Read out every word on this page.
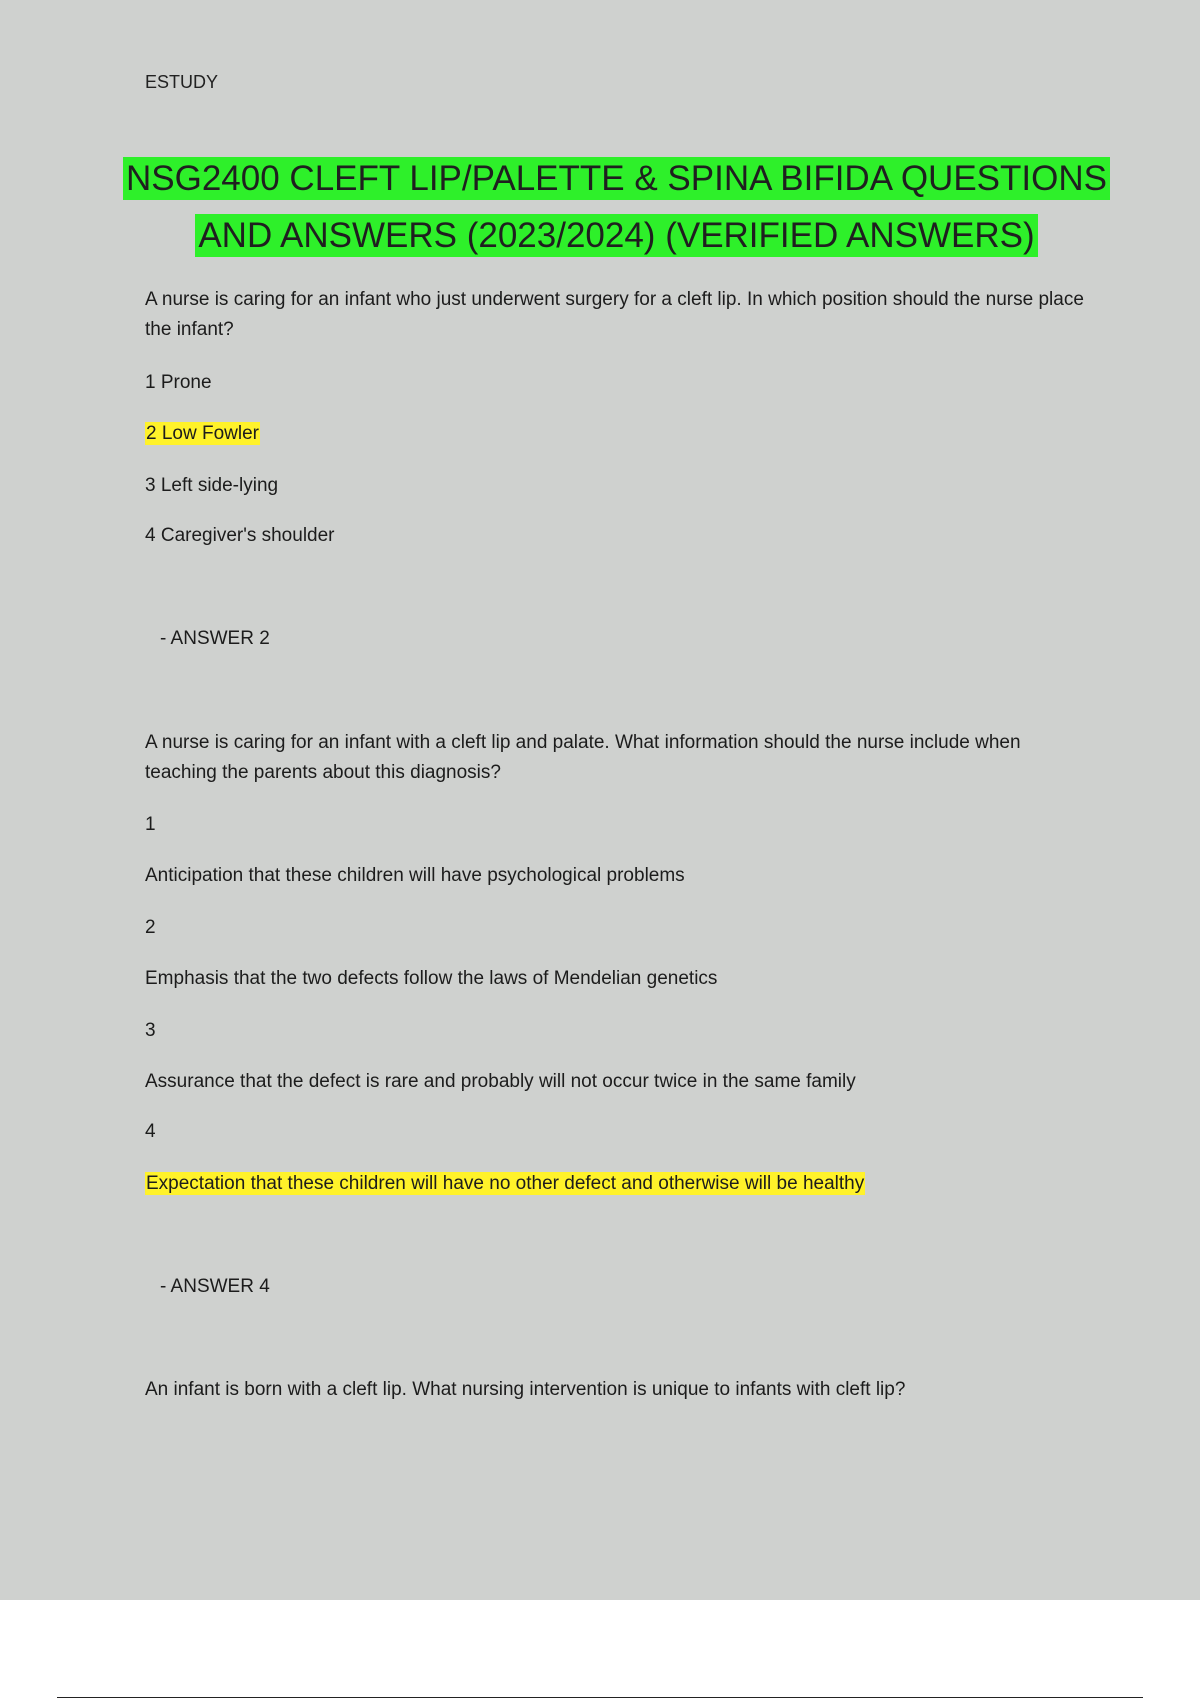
ESTUDY
NSG2400 CLEFT LIP/PALETTE & SPINA BIFIDA QUESTIONS
AND ANSWERS (2023/2024) (VERIFIED ANSWERS)
A nurse is caring for an infant who just underwent surgery for a cleft lip. In which position should the nurse place the infant?
1 Prone
2 Low Fowler
3 Left side-lying
4 Caregiver's shoulder
- ANSWER 2
A nurse is caring for an infant with a cleft lip and palate. What information should the nurse include when teaching the parents about this diagnosis?
1
Anticipation that these children will have psychological problems
2
Emphasis that the two defects follow the laws of Mendelian genetics
3
Assurance that the defect is rare and probably will not occur twice in the same family
4
Expectation that these children will have no other defect and otherwise will be healthy
- ANSWER 4
An infant is born with a cleft lip. What nursing intervention is unique to infants with cleft lip?
